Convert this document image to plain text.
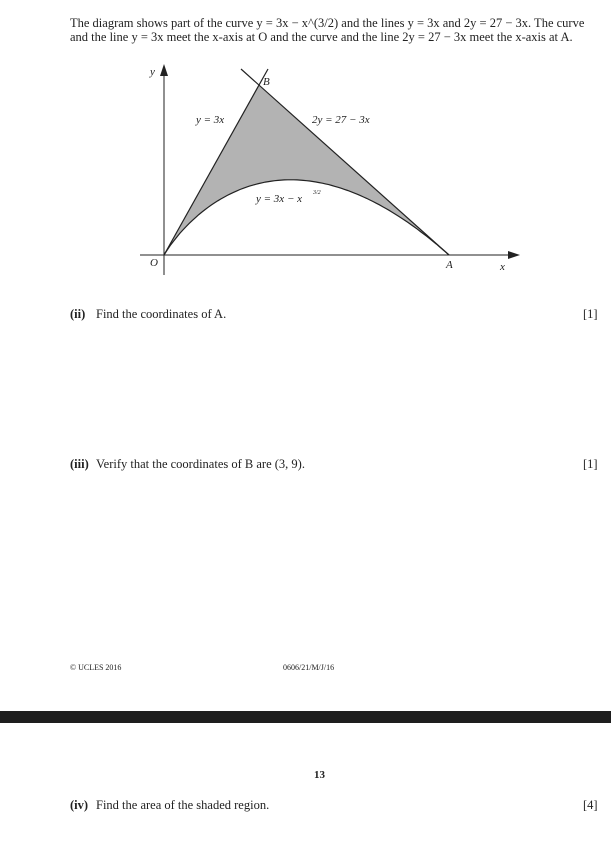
The diagram shows part of the curve y = 3x − x^(3/2) and the lines y = 3x and 2y = 27 − 3x. The curve
and the line y = 3x meet the x-axis at O and the curve and the line 2y = 27 − 3x meet the x-axis at A.
y
x
O	A
B
y = 3x	2y = 27 − 3x
y = 3x − x 3/2
(ii) Find the coordinates of A.	[1]
(iii) Verify that the coordinates of B are (3, 9).	[1]
© UCLES 2016	0606/21/M/J/16
13
(iv) Find the area of the shaded region.	[4]
